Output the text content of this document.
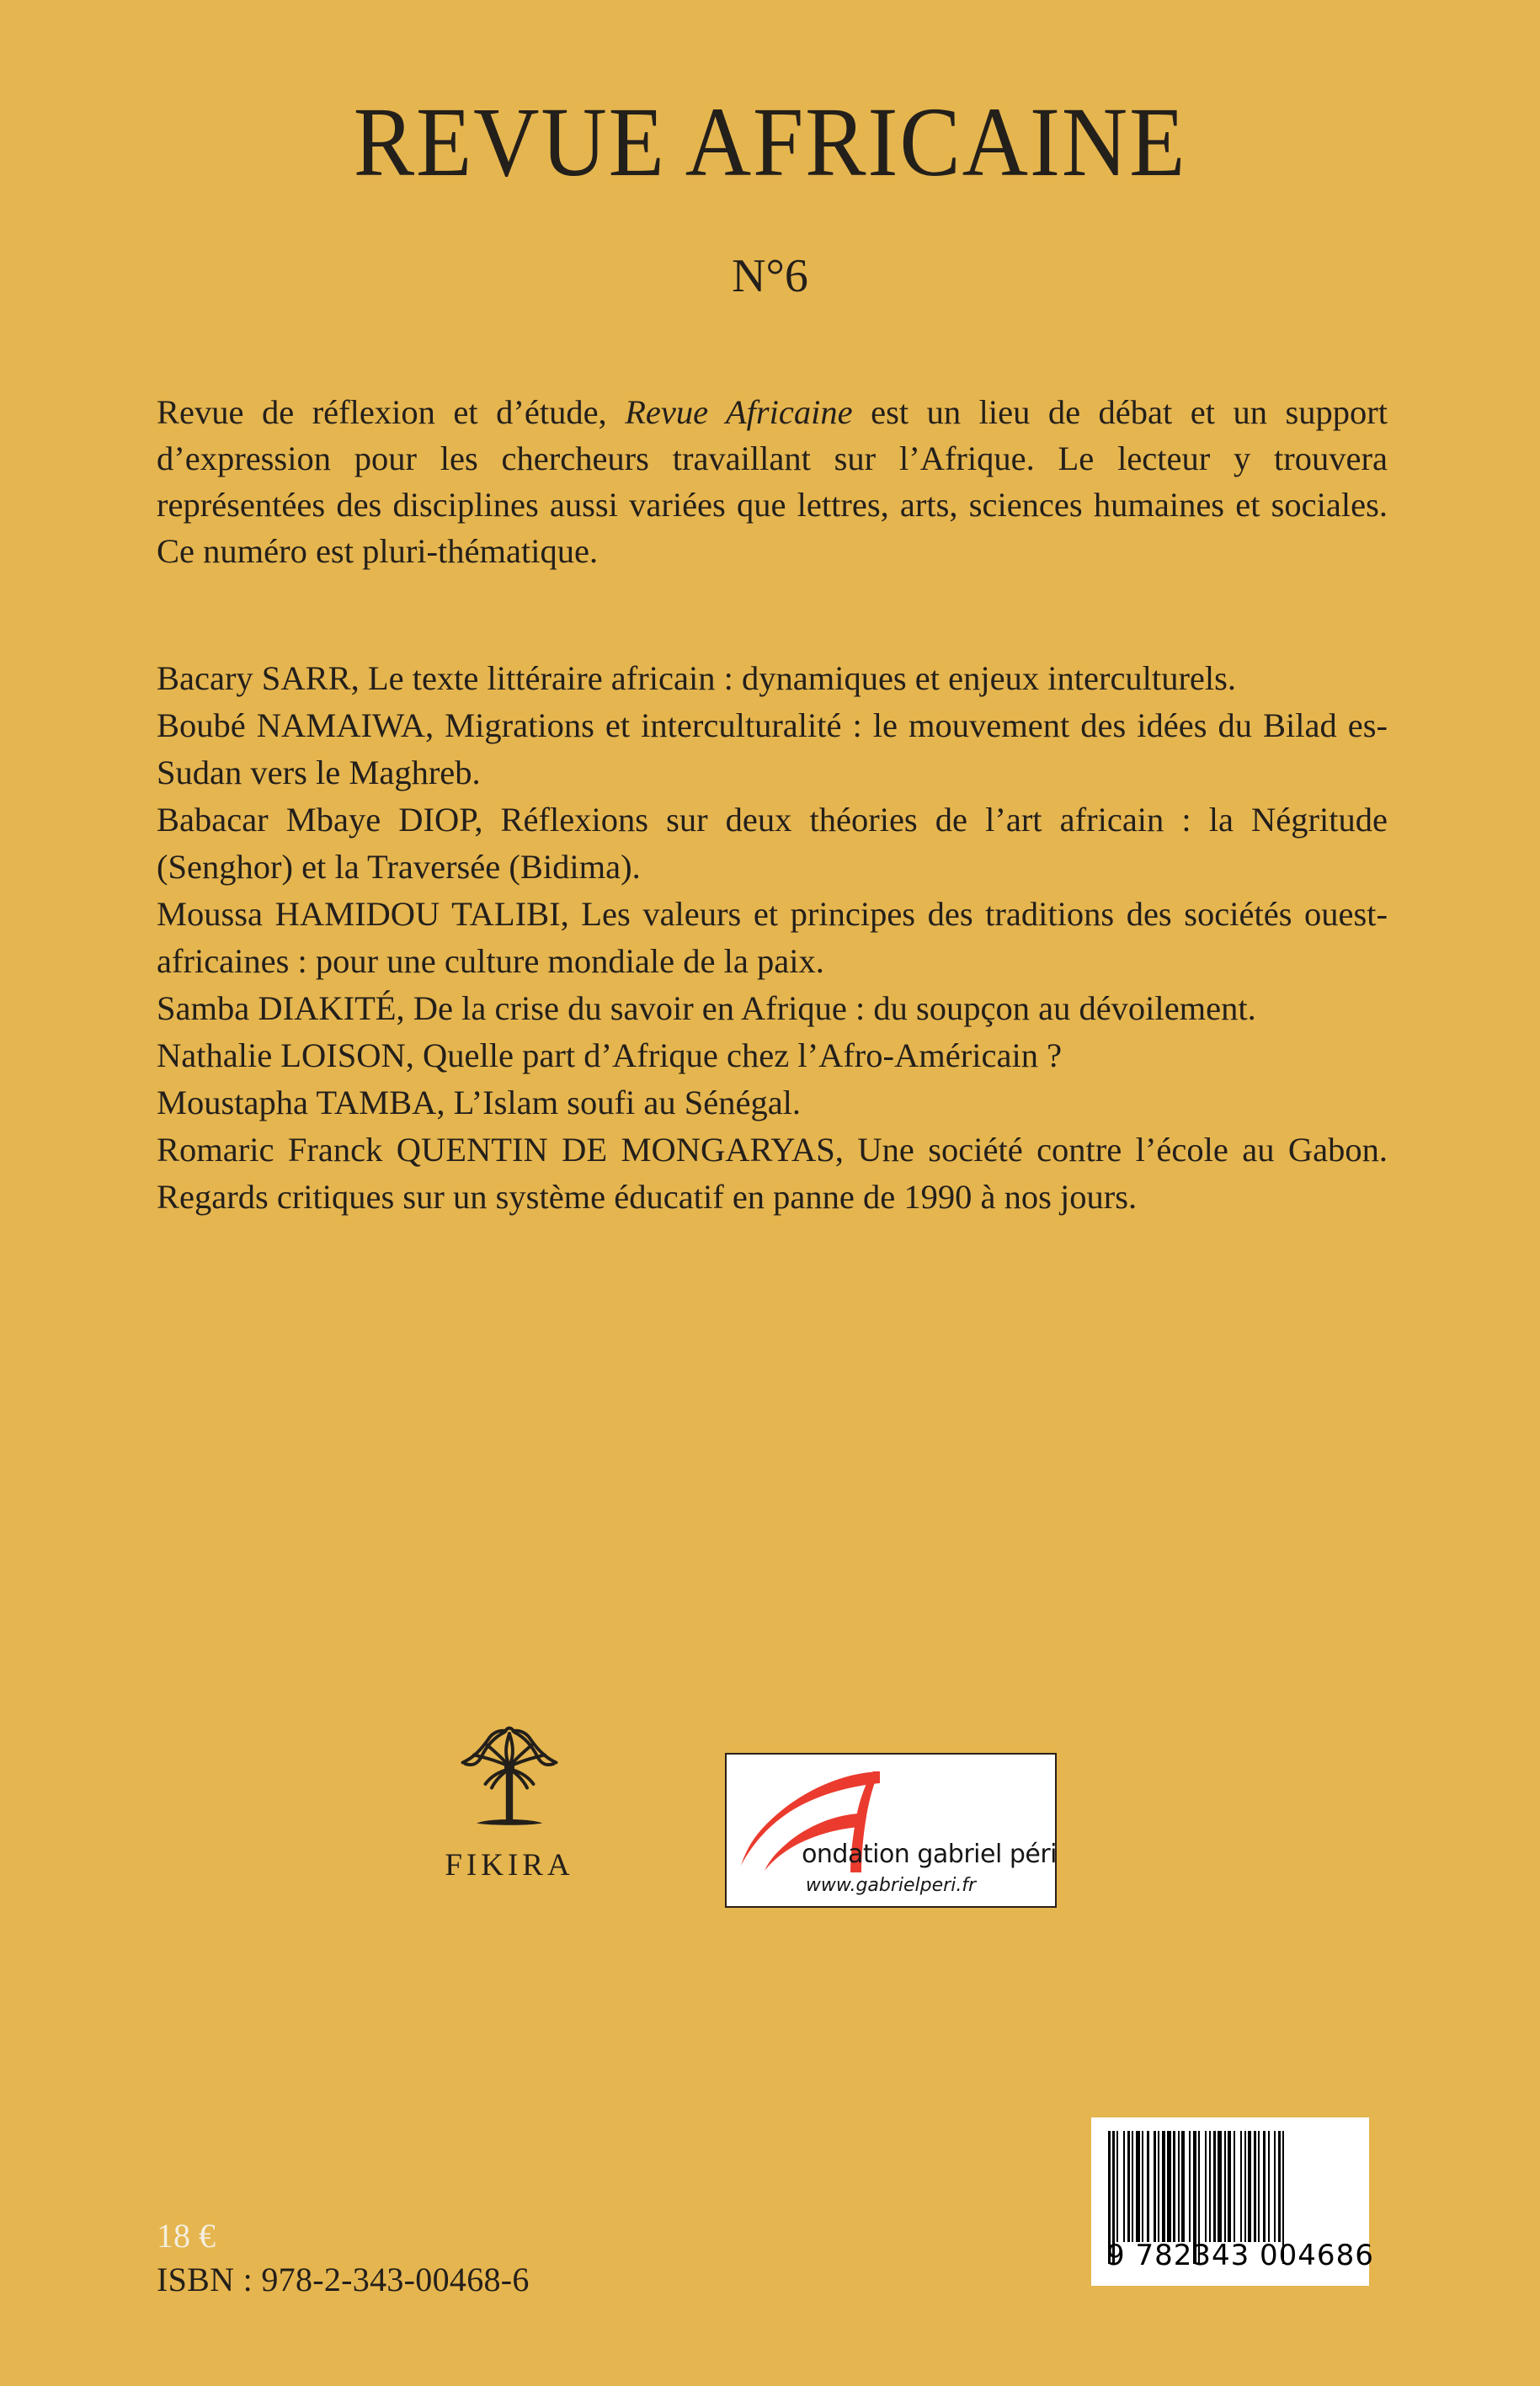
REVUE AFRICAINE
N°6

Revue de réflexion et d’étude, Revue Africaine est un lieu de débat et un support d’expression pour les chercheurs travaillant sur l’Afrique. Le lecteur y trouvera représentées des disciplines aussi variées que lettres, arts, sciences humaines et sociales. Ce numéro est pluri-thématique.

Bacary SARR, Le texte littéraire africain : dynamiques et enjeux interculturels.

Boubé NAMAIWA, Migrations et interculturalité : le mouvement des idées du Bilad es-Sudan vers le Maghreb.

Babacar Mbaye DIOP, Réflexions sur deux théories de l’art africain : la Négritude (Senghor) et la Traversée (Bidima).

Moussa HAMIDOU TALIBI, Les valeurs et principes des traditions des sociétés ouest-africaines : pour une culture mondiale de la paix.

Samba DIAKITÉ, De la crise du savoir en Afrique : du soupçon au dévoilement.

Nathalie LOISON, Quelle part d’Afrique chez l’Afro-Américain ?

Moustapha TAMBA, L’Islam soufi au Sénégal.

Romaric Franck QUENTIN DE MONGARYAS, Une société contre l’école au Gabon. Regards critiques sur un système éducatif en panne de 1990 à nos jours.

FIKIRA	ondation gabriel péri
www.gabrielperi.fr
18 €
ISBN : 978-2-343-00468-6
9 782343 004686
